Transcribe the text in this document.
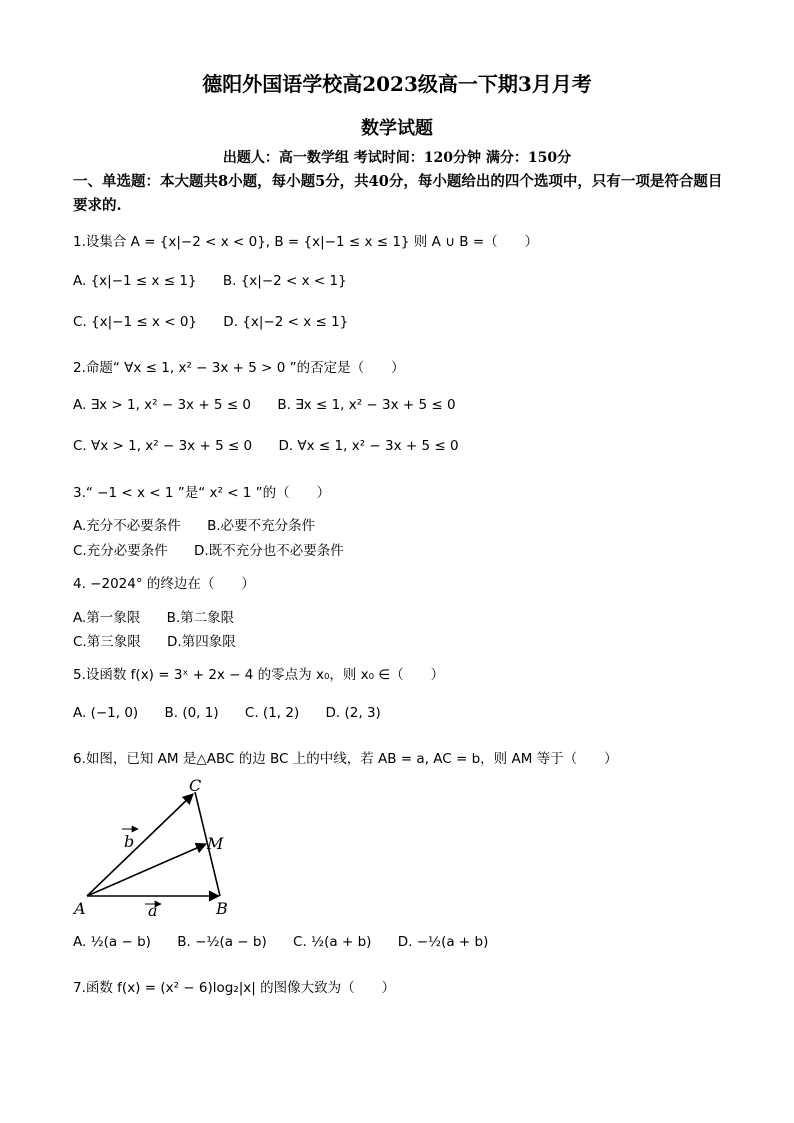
德阳外国语学校高2023级高一下期3月月考
数学试题
出题人：高一数学组 考试时间：120分钟 满分：150分
一、单选题：本大题共8小题，每小题5分，共40分，每小题给出的四个选项中，只有一项是符合题目要求的.
1.设集合 A = {x|−2 < x < 0}, B = {x|−1 ≤ x ≤ 1} 则 A ∪ B =（　　）
A. {x|−1 ≤ x ≤ 1} B. {x|−2 < x < 1}
C. {x|−1 ≤ x < 0} D. {x|−2 < x ≤ 1}
2.命题“ ∀x ≤ 1, x² − 3x + 5 > 0 ”的否定是（　　）
A. ∃x > 1, x² − 3x + 5 ≤ 0 B. ∃x ≤ 1, x² − 3x + 5 ≤ 0
C. ∀x > 1, x² − 3x + 5 ≤ 0 D. ∀x ≤ 1, x² − 3x + 5 ≤ 0
3.“ −1 < x < 1 ”是“ x² < 1 ”的（　　）
A.充分不必要条件 B.必要不充分条件
C.充分必要条件 D.既不充分也不必要条件
4. −2024° 的终边在（　　）
A.第一象限 B.第二象限
C.第三象限 D.第四象限
5.设函数 f(x) = 3ˣ + 2x − 4 的零点为 x₀，则 x₀ ∈（　　）
A. (−1, 0) B. (0, 1) C. (1, 2) D. (2, 3)
6.如图，已知 AM 是△ABC 的边 BC 上的中线，若 AB = a, AC = b，则 AM 等于（　　）
C
M
A	B
b
a
A. ½(a − b) B. −½(a − b) C. ½(a + b) D. −½(a + b)
7.函数 f(x) = (x² − 6)log₂|x| 的图像大致为（　　）
